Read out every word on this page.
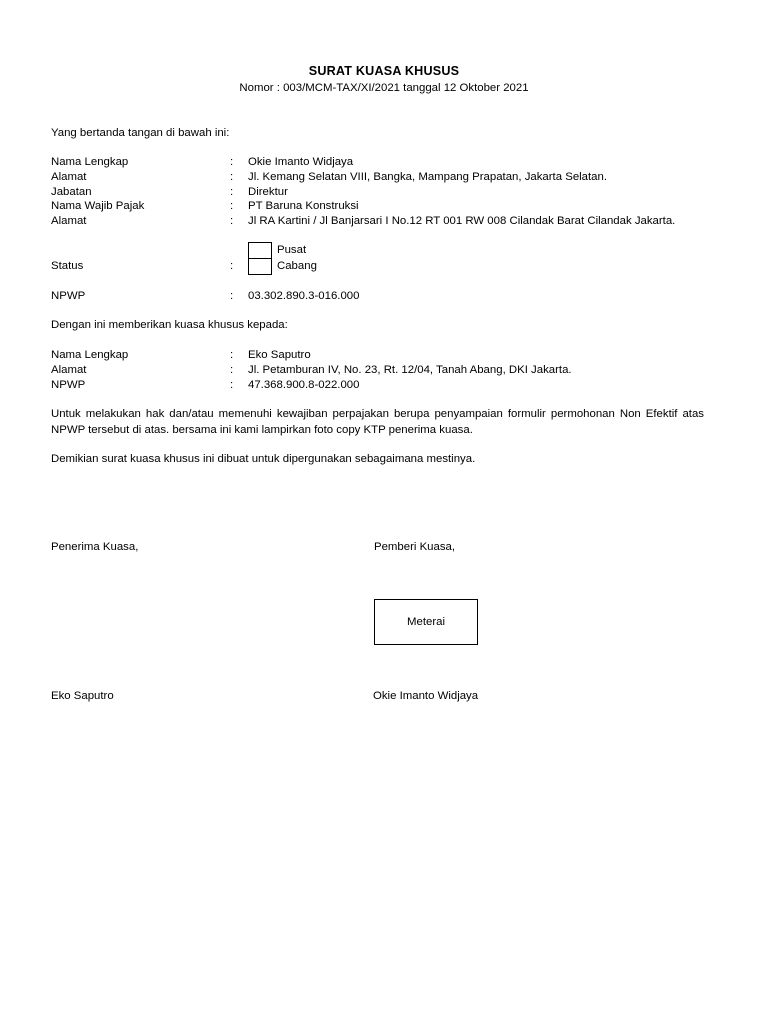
SURAT KUASA KHUSUS
Nomor : 003/MCM-TAX/XI/2021 tanggal 12 Oktober 2021
Yang bertanda tangan di bawah ini:
Nama Lengkap	: Okie Imanto Widjaya
Alamat	: Jl. Kemang Selatan VIII, Bangka, Mampang Prapatan, Jakarta Selatan.
Jabatan	: Direktur
Nama Wajib Pajak	: PT Baruna Konstruksi
Alamat	: Jl RA Kartini / Jl Banjarsari I No.12 RT 001 RW 008 Cilandak Barat Cilandak Jakarta.
Pusat
Status	:	Cabang
NPWP	: 03.302.890.3-016.000
Dengan ini memberikan kuasa khusus kepada:
Nama Lengkap	: Eko Saputro
Alamat	: Jl. Petamburan IV, No. 23, Rt. 12/04, Tanah Abang, DKI Jakarta.
NPWP	: 47.368.900.8-022.000
Untuk melakukan hak dan/atau memenuhi kewajiban perpajakan berupa penyampaian formulir permohonan Non Efektif atas NPWP tersebut di atas. bersama ini kami lampirkan foto copy KTP penerima kuasa.
Demikian surat kuasa khusus ini dibuat untuk dipergunakan sebagaimana mestinya.
Penerima Kuasa,	Pemberi Kuasa,
Meterai
Eko Saputro	Okie Imanto Widjaya
